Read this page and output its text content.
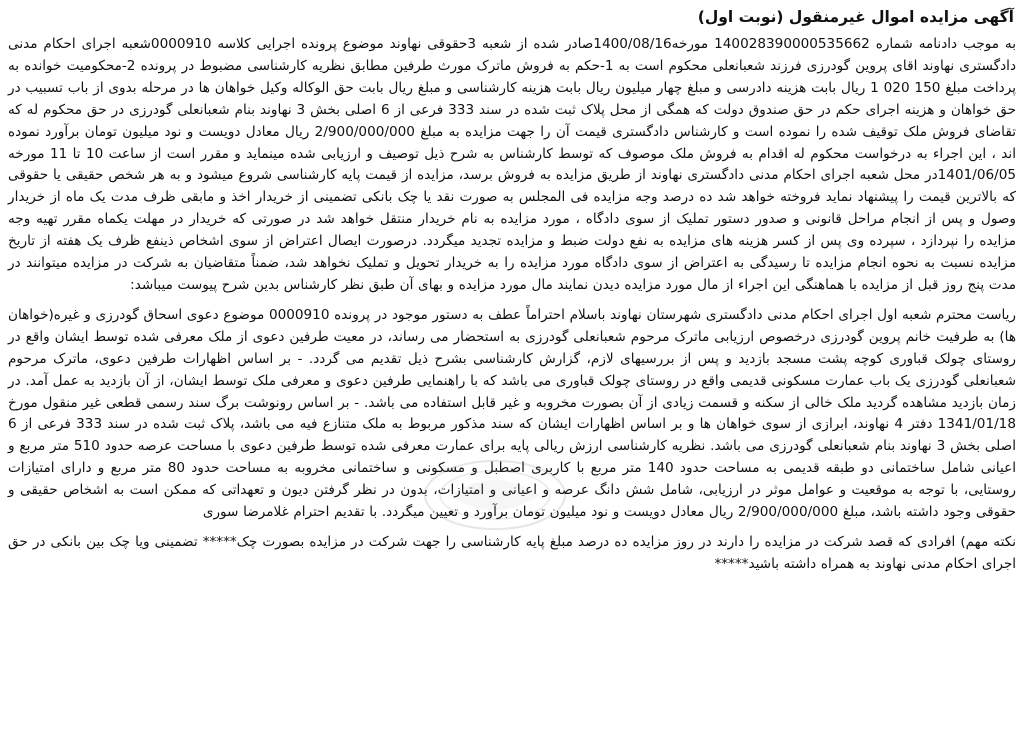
آگهی مزایده اموال غیرمنقول (نوبت اول)

به موجب دادنامه شماره 140028390000535662 مورخه1400/08/16صادر شده از شعبه 3حقوقی نهاوند موضوع پرونده اجرایی کلاسه 0000910شعبه اجرای احکام مدنی دادگستری نهاوند اقای پروین گودرزی فرزند شعبانعلی محکوم است به 1-حکم به فروش ماترک مورث طرفین مطابق نظریه کارشناسی مضبوط در پرونده 2-محکومیت خوانده به پرداخت مبلغ 150 020 1 ریال بابت هزینه دادرسی و مبلغ چهار میلیون ریال بابت هزینه کارشناسی و مبلغ ریال بابت حق الوکاله وکیل خواهان ها در مرحله بدوی از باب تسبیب در حق خواهان و هزینه اجرای حکم در حق صندوق دولت که همگی از محل پلاک ثبت شده در سند 333 فرعی از 6 اصلی بخش 3 نهاوند بنام شعبانعلی گودرزی در حق محکوم له که تقاضای فروش ملک توقیف شده را نموده است و کارشناس دادگستری قیمت آن را جهت مزایده به مبلغ 2/900/000/000 ریال معادل دویست و نود میلیون تومان برآورد نموده اند ، این اجراء به درخواست محکوم له اقدام به فروش ملک موصوف که توسط کارشناس به شرح ذیل توصیف و ارزیابی شده مینماید و مقرر است از ساعت 10 تا 11 مورخه 1401/06/05در محل شعبه اجرای احکام مدنی دادگستری نهاوند از طریق مزایده به فروش برسد، مزایده از قیمت پایه کارشناسی شروع میشود و به هر شخص حقیقی یا حقوقی که بالاترین قیمت را پیشنهاد نماید فروخته خواهد شد ده درصد وجه مزایده فی المجلس به صورت نقد یا چک بانکی تضمینی از خریدار اخذ و مابقی ظرف مدت یک ماه از خریدار وصول و پس از انجام مراحل قانونی و صدور دستور تملیک از سوی دادگاه ، مورد مزایده به نام خریدار منتقل خواهد شد در صورتی که خریدار در مهلت یکماه مقرر تهیه وجه مزایده را نپردازد ، سپرده وی پس از کسر هزینه های مزایده به نفع دولت ضبط و مزایده تجدید میگردد. درصورت ایصال اعتراض از سوی اشخاص ذینفع ظرف یک هفته از تاریخ مزایده نسبت به نحوه انجام مزایده تا رسیدگی به اعتراض از سوی دادگاه مورد مزایده را به خریدار تحویل و تملیک نخواهد شد، ضمناً متقاضیان به شرکت در مزایده میتوانند در مدت پنج روز قبل از مزایده با هماهنگی این اجراء از مال مورد مزایده دیدن نمایند مال مورد مزایده و بهای آن طبق نظر کارشناس بدین شرح پیوست میباشد:

ریاست محترم شعبه اول اجرای احکام مدنی دادگستری شهرستان نهاوند باسلام احتراماً عطف به دستور موجود در پرونده 0000910 موضوع دعوی اسحاق گودرزی و غیره(خواهان ها) به طرفیت خانم پروین گودرزی درخصوص ارزیابی ماترک مرحوم شعبانعلی گودرزی به استحضار می رساند، در معیت طرفین دعوی از ملک معرفی شده توسط ایشان واقع در روستای چولک قباوری کوچه پشت مسجد بازدید و پس از بررسیهای لازم، گزارش کارشناسی بشرح ذیل تقدیم می گردد. - بر اساس اظهارات طرفین دعوی، ماترک مرحوم شعبانعلی گودرزی یک باب عمارت مسکونی قدیمی واقع در روستای چولک قباوری می باشد که با راهنمایی طرفین دعوی و معرفی ملک توسط ایشان، از آن بازدید به عمل آمد. در زمان بازدید مشاهده گردید ملک خالی از سکنه و قسمت زیادی از آن بصورت مخروبه و غیر قابل استفاده می باشد. - بر اساس رونوشت برگ سند رسمی قطعی غیر منقول مورخ 1341/01/18 دفتر 4 نهاوند، ابرازی از سوی خواهان ها و بر اساس اظهارات ایشان که سند مذکور مربوط به ملک متنازع فیه می باشد، پلاک ثبت شده در سند 333 فرعی از 6 اصلی بخش 3 نهاوند بنام شعبانعلی گودرزی می باشد. نظریه کارشناسی ارزش ریالی پایه برای عمارت معرفی شده توسط طرفین دعوی با مساحت عرصه حدود 510 متر مربع و اعیانی شامل ساختمانی دو طبقه قدیمی به مساحت حدود 140 متر مربع با کاربری اصطبل و مسکونی و ساختمانی مخروبه به مساحت حدود 80 متر مربع و دارای امتیازات روستایی، با توجه به موقعیت و عوامل موثر در ارزیابی، شامل شش دانگ عرصه و اعیانی و امتیازات، بدون در نظر گرفتن دیون و تعهداتی که ممکن است به اشخاص حقیقی و حقوقی وجود داشته باشد، مبلغ 2/900/000/000 ریال معادل دویست و نود میلیون تومان برآورد و تعیین میگردد. با تقدیم احترام غلامرضا سوری

نکته مهم) افرادی که قصد شرکت در مزایده را دارند در روز مزایده ده درصد مبلغ پایه کارشناسی را جهت شرکت در مزایده بصورت چک***** تضمینی ویا چک بین بانکی در حق اجرای احکام مدنی نهاوند به همراه داشته باشید*****
